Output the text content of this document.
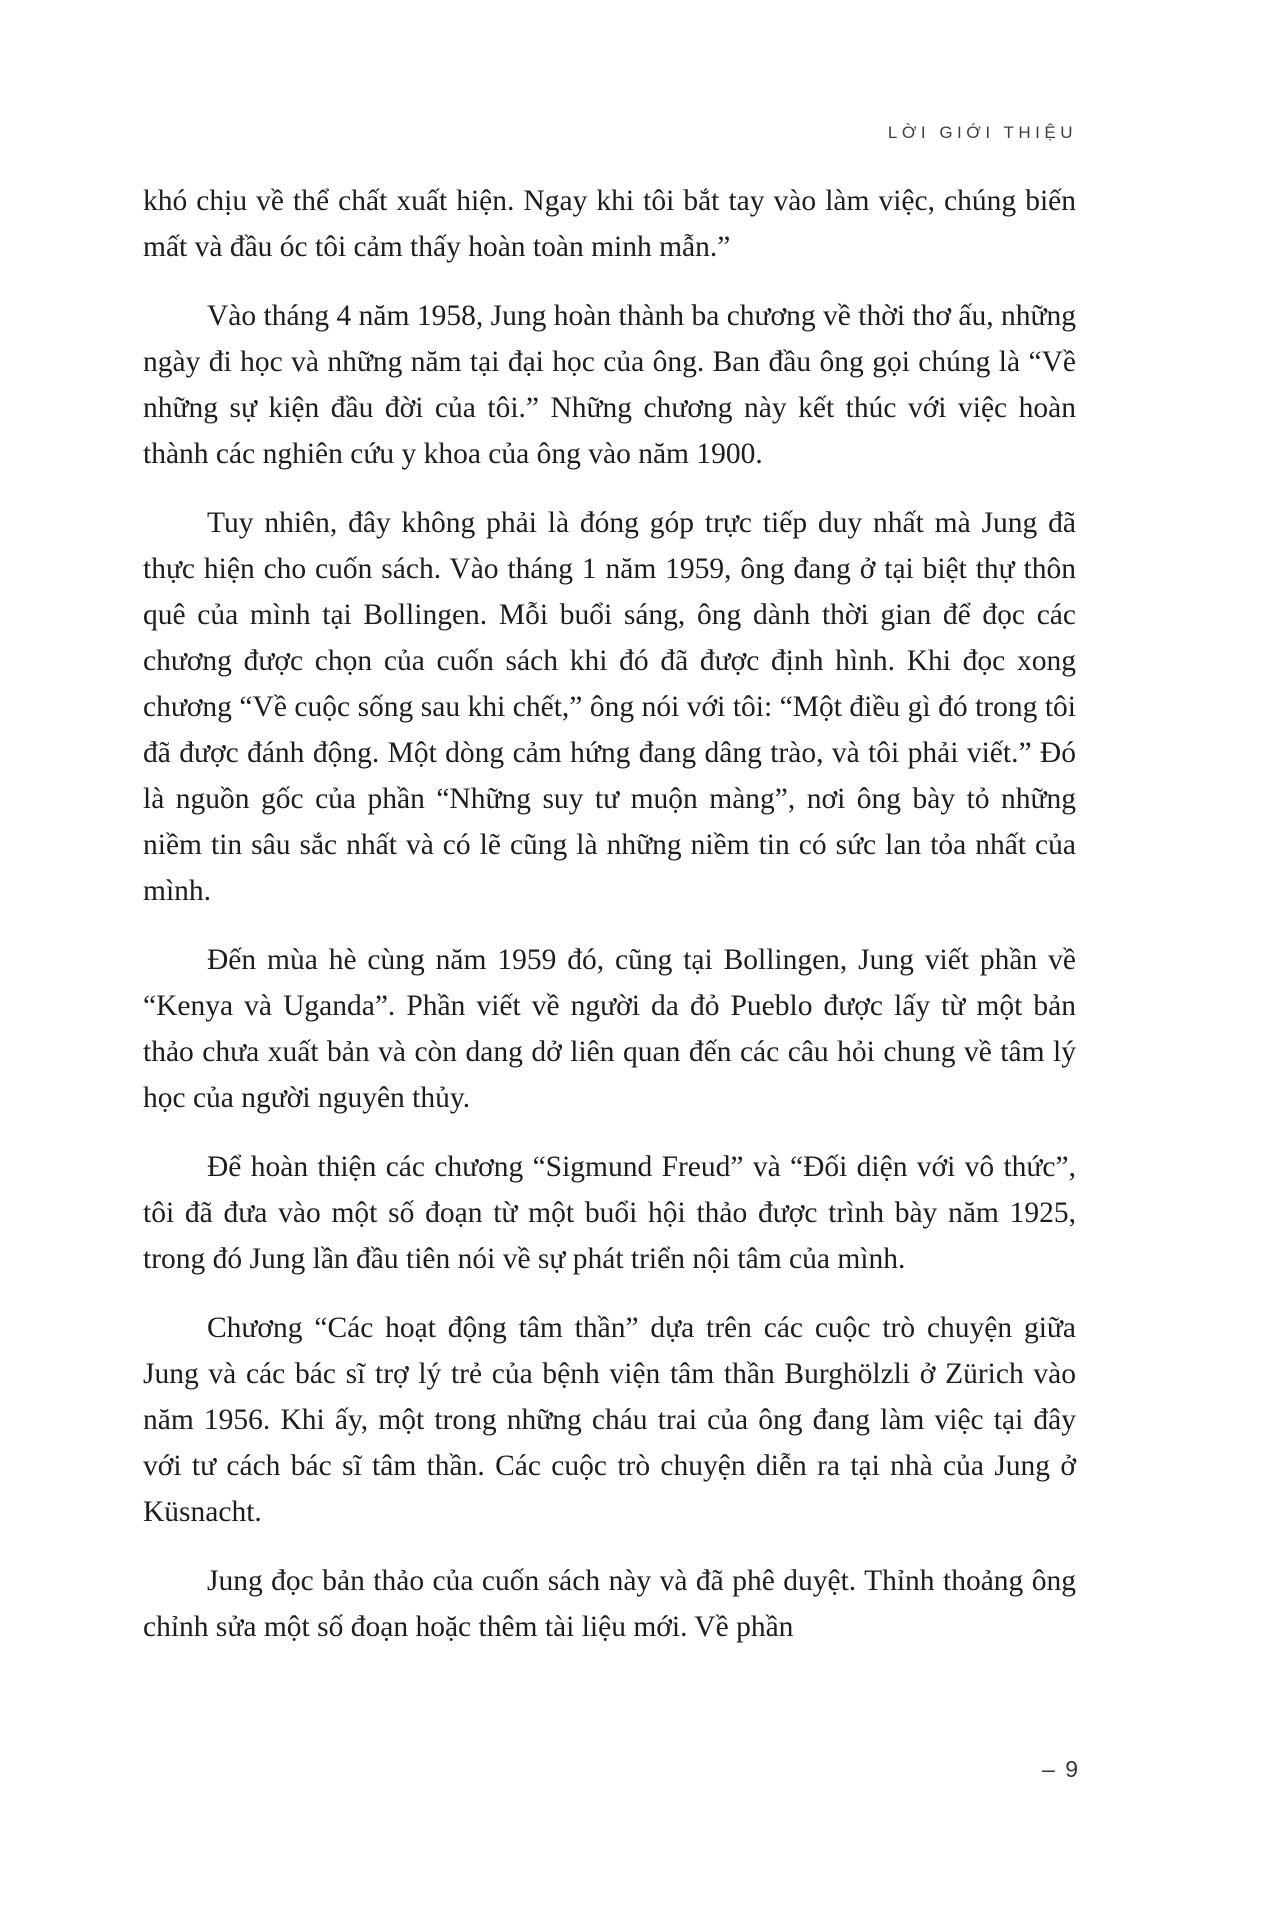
LỜI GIỚI THIỆU

khó chịu về thể chất xuất hiện. Ngay khi tôi bắt tay vào làm việc, chúng biến mất và đầu óc tôi cảm thấy hoàn toàn minh mẫn.”

Vào tháng 4 năm 1958, Jung hoàn thành ba chương về thời thơ ấu, những ngày đi học và những năm tại đại học của ông. Ban đầu ông gọi chúng là “Về những sự kiện đầu đời của tôi.” Những chương này kết thúc với việc hoàn thành các nghiên cứu y khoa của ông vào năm 1900.

Tuy nhiên, đây không phải là đóng góp trực tiếp duy nhất mà Jung đã thực hiện cho cuốn sách. Vào tháng 1 năm 1959, ông đang ở tại biệt thự thôn quê của mình tại Bollingen. Mỗi buổi sáng, ông dành thời gian để đọc các chương được chọn của cuốn sách khi đó đã được định hình. Khi đọc xong chương “Về cuộc sống sau khi chết,” ông nói với tôi: “Một điều gì đó trong tôi đã được đánh động. Một dòng cảm hứng đang dâng trào, và tôi phải viết.” Đó là nguồn gốc của phần “Những suy tư muộn màng”, nơi ông bày tỏ những niềm tin sâu sắc nhất và có lẽ cũng là những niềm tin có sức lan tỏa nhất của mình.

Đến mùa hè cùng năm 1959 đó, cũng tại Bollingen, Jung viết phần về “Kenya và Uganda”. Phần viết về người da đỏ Pueblo được lấy từ một bản thảo chưa xuất bản và còn dang dở liên quan đến các câu hỏi chung về tâm lý học của người nguyên thủy.

Để hoàn thiện các chương “Sigmund Freud” và “Đối diện với vô thức”, tôi đã đưa vào một số đoạn từ một buổi hội thảo được trình bày năm 1925, trong đó Jung lần đầu tiên nói về sự phát triển nội tâm của mình.

Chương “Các hoạt động tâm thần” dựa trên các cuộc trò chuyện giữa Jung và các bác sĩ trợ lý trẻ của bệnh viện tâm thần Burghölzli ở Zürich vào năm 1956. Khi ấy, một trong những cháu trai của ông đang làm việc tại đây với tư cách bác sĩ tâm thần. Các cuộc trò chuyện diễn ra tại nhà của Jung ở Küsnacht.

Jung đọc bản thảo của cuốn sách này và đã phê duyệt. Thỉnh thoảng ông chỉnh sửa một số đoạn hoặc thêm tài liệu mới. Về phần

– 9
